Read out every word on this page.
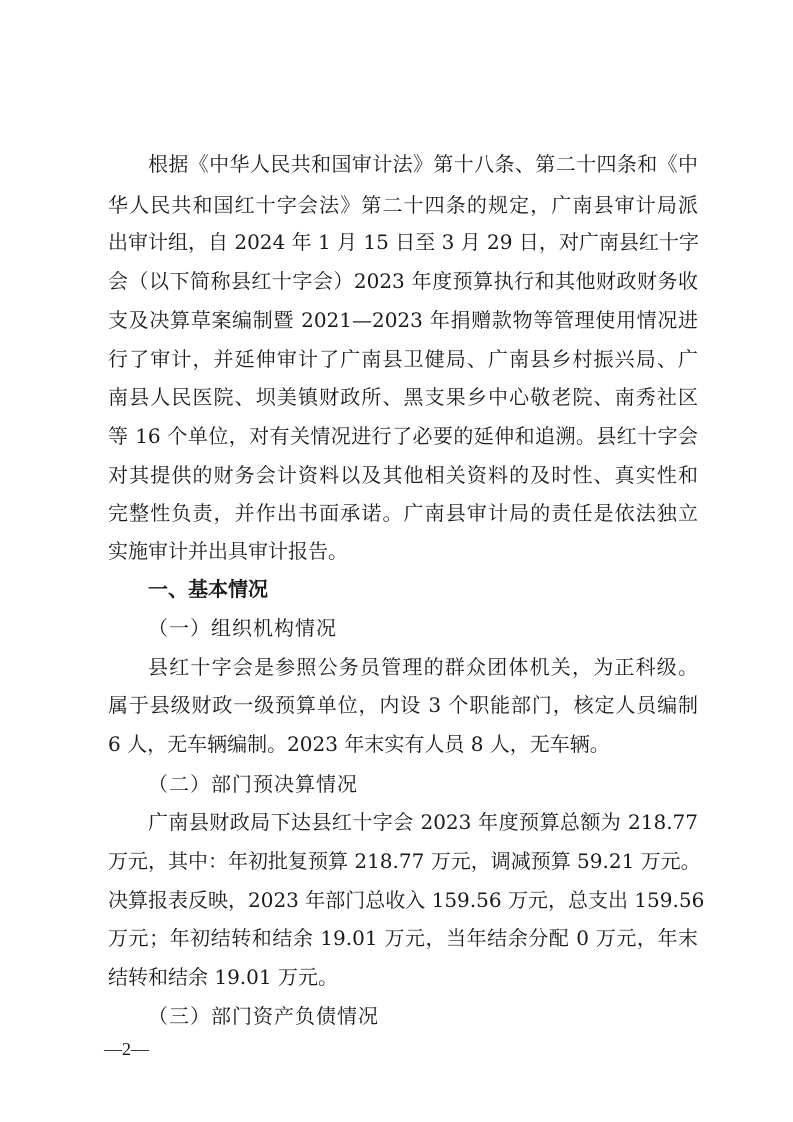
根据《中华人民共和国审计法》第十八条、第二十四条和《中
华人民共和国红十字会法》第二十四条的规定，广南县审计局派
出审计组，自 2024 年 1 月 15 日至 3 月 29 日，对广南县红十字
会（以下简称县红十字会）2023 年度预算执行和其他财政财务收
支及决算草案编制暨 2021—2023 年捐赠款物等管理使用情况进
行了审计，并延伸审计了广南县卫健局、广南县乡村振兴局、广
南县人民医院、坝美镇财政所、黑支果乡中心敬老院、南秀社区
等 16 个单位，对有关情况进行了必要的延伸和追溯。县红十字会
对其提供的财务会计资料以及其他相关资料的及时性、真实性和
完整性负责，并作出书面承诺。广南县审计局的责任是依法独立
实施审计并出具审计报告。
一、基本情况
（一）组织机构情况
县红十字会是参照公务员管理的群众团体机关，为正科级。
属于县级财政一级预算单位，内设 3 个职能部门，核定人员编制
6 人，无车辆编制。2023 年末实有人员 8 人，无车辆。
（二）部门预决算情况
广南县财政局下达县红十字会 2023 年度预算总额为 218.77
万元，其中：年初批复预算 218.77 万元，调减预算 59.21 万元。
决算报表反映，2023 年部门总收入 159.56 万元，总支出 159.56
万元；年初结转和结余 19.01 万元，当年结余分配 0 万元，年末
结转和结余 19.01 万元。
（三）部门资产负债情况
—2—
